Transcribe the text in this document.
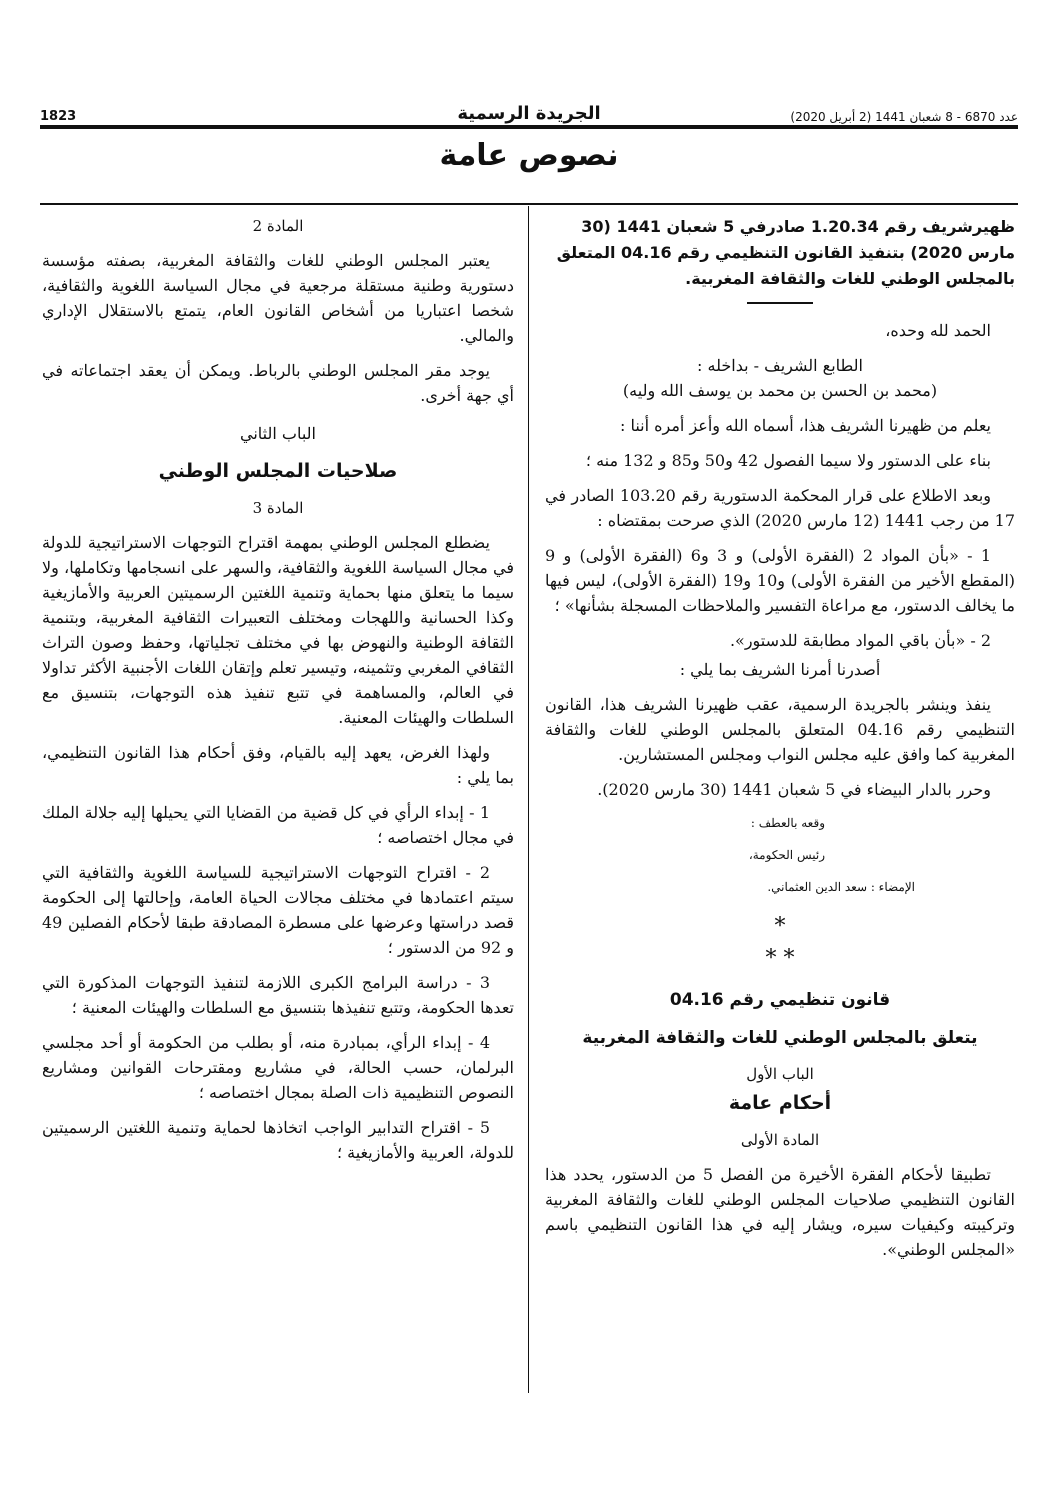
1823	الجريدة الرسمية	عدد 6870 - 8 شعبان 1441 (2 أبريل 2020)
نصوص عامة

ظهيرشريف رقم 1.20.34 صادرفي 5 شعبان 1441 (30 مارس 2020) بتنفيذ القانون التنظيمي رقم 04.16 المتعلق بالمجلس الوطني للغات والثقافة المغربية.

الحمد لله وحده،

الطابع الشريف - بداخله :

(محمد بن الحسن بن محمد بن يوسف الله وليه)

يعلم من ظهيرنا الشريف هذا، أسماه الله وأعز أمره أننا :

بناء على الدستور ولا سيما الفصول 42 و50 و85 و 132 منه ؛

وبعد الاطلاع على قرار المحكمة الدستورية رقم 103.20 الصادر في 17 من رجب 1441 (12 مارس 2020) الذي صرحت بمقتضاه :

1 - «بأن المواد 2 (الفقرة الأولى) و 3 و6 (الفقرة الأولى) و 9 (المقطع الأخير من الفقرة الأولى) و10 و19 (الفقرة الأولى)، ليس فيها ما يخالف الدستور، مع مراعاة التفسير والملاحظات المسجلة بشأنها» ؛

2 - «بأن باقي المواد مطابقة للدستور».

أصدرنا أمرنا الشريف بما يلي :

ينفذ وينشر بالجريدة الرسمية، عقب ظهيرنا الشريف هذا، القانون التنظيمي رقم 04.16 المتعلق بالمجلس الوطني للغات والثقافة المغربية كما وافق عليه مجلس النواب ومجلس المستشارين.

وحرر بالدار البيضاء في 5 شعبان 1441 (30 مارس 2020).

وقعه بالعطف :

رئيس الحكومة،

الإمضاء : سعد الدين العثماني.

*

* *

قانون تنظيمي رقم 04.16

يتعلق بالمجلس الوطني للغات والثقافة المغربية

الباب الأول

أحكام عامة

المادة الأولى

تطبيقا لأحكام الفقرة الأخيرة من الفصل 5 من الدستور، يحدد هذا القانون التنظيمي صلاحيات المجلس الوطني للغات والثقافة المغربية وتركيبته وكيفيات سيره، ويشار إليه في هذا القانون التنظيمي باسم «المجلس الوطني».

المادة 2

يعتبر المجلس الوطني للغات والثقافة المغربية، بصفته مؤسسة دستورية وطنية مستقلة مرجعية في مجال السياسة اللغوية والثقافية، شخصا اعتباريا من أشخاص القانون العام، يتمتع بالاستقلال الإداري والمالي.

يوجد مقر المجلس الوطني بالرباط. ويمكن أن يعقد اجتماعاته في أي جهة أخرى.

الباب الثاني

صلاحيات المجلس الوطني

المادة 3

يضطلع المجلس الوطني بمهمة اقتراح التوجهات الاستراتيجية للدولة في مجال السياسة اللغوية والثقافية، والسهر على انسجامها وتكاملها، ولا سيما ما يتعلق منها بحماية وتنمية اللغتين الرسميتين العربية والأمازيغية وكذا الحسانية واللهجات ومختلف التعبيرات الثقافية المغربية، وبتنمية الثقافة الوطنية والنهوض بها في مختلف تجلياتها، وحفظ وصون التراث الثقافي المغربي وتثمينه، وتيسير تعلم وإتقان اللغات الأجنبية الأكثر تداولا في العالم، والمساهمة في تتبع تنفيذ هذه التوجهات، بتنسيق مع السلطات والهيئات المعنية.

ولهذا الغرض، يعهد إليه بالقيام، وفق أحكام هذا القانون التنظيمي، بما يلي :

1 - إبداء الرأي في كل قضية من القضايا التي يحيلها إليه جلالة الملك في مجال اختصاصه ؛

2 - اقتراح التوجهات الاستراتيجية للسياسة اللغوية والثقافية التي سيتم اعتمادها في مختلف مجالات الحياة العامة، وإحالتها إلى الحكومة قصد دراستها وعرضها على مسطرة المصادقة طبقا لأحكام الفصلين 49 و 92 من الدستور ؛

3 - دراسة البرامج الكبرى اللازمة لتنفيذ التوجهات المذكورة التي تعدها الحكومة، وتتبع تنفيذها بتنسيق مع السلطات والهيئات المعنية ؛

4 - إبداء الرأي، بمبادرة منه، أو بطلب من الحكومة أو أحد مجلسي البرلمان، حسب الحالة، في مشاريع ومقترحات القوانين ومشاريع النصوص التنظيمية ذات الصلة بمجال اختصاصه ؛

5 - اقتراح التدابير الواجب اتخاذها لحماية وتنمية اللغتين الرسميتين للدولة، العربية والأمازيغية ؛
